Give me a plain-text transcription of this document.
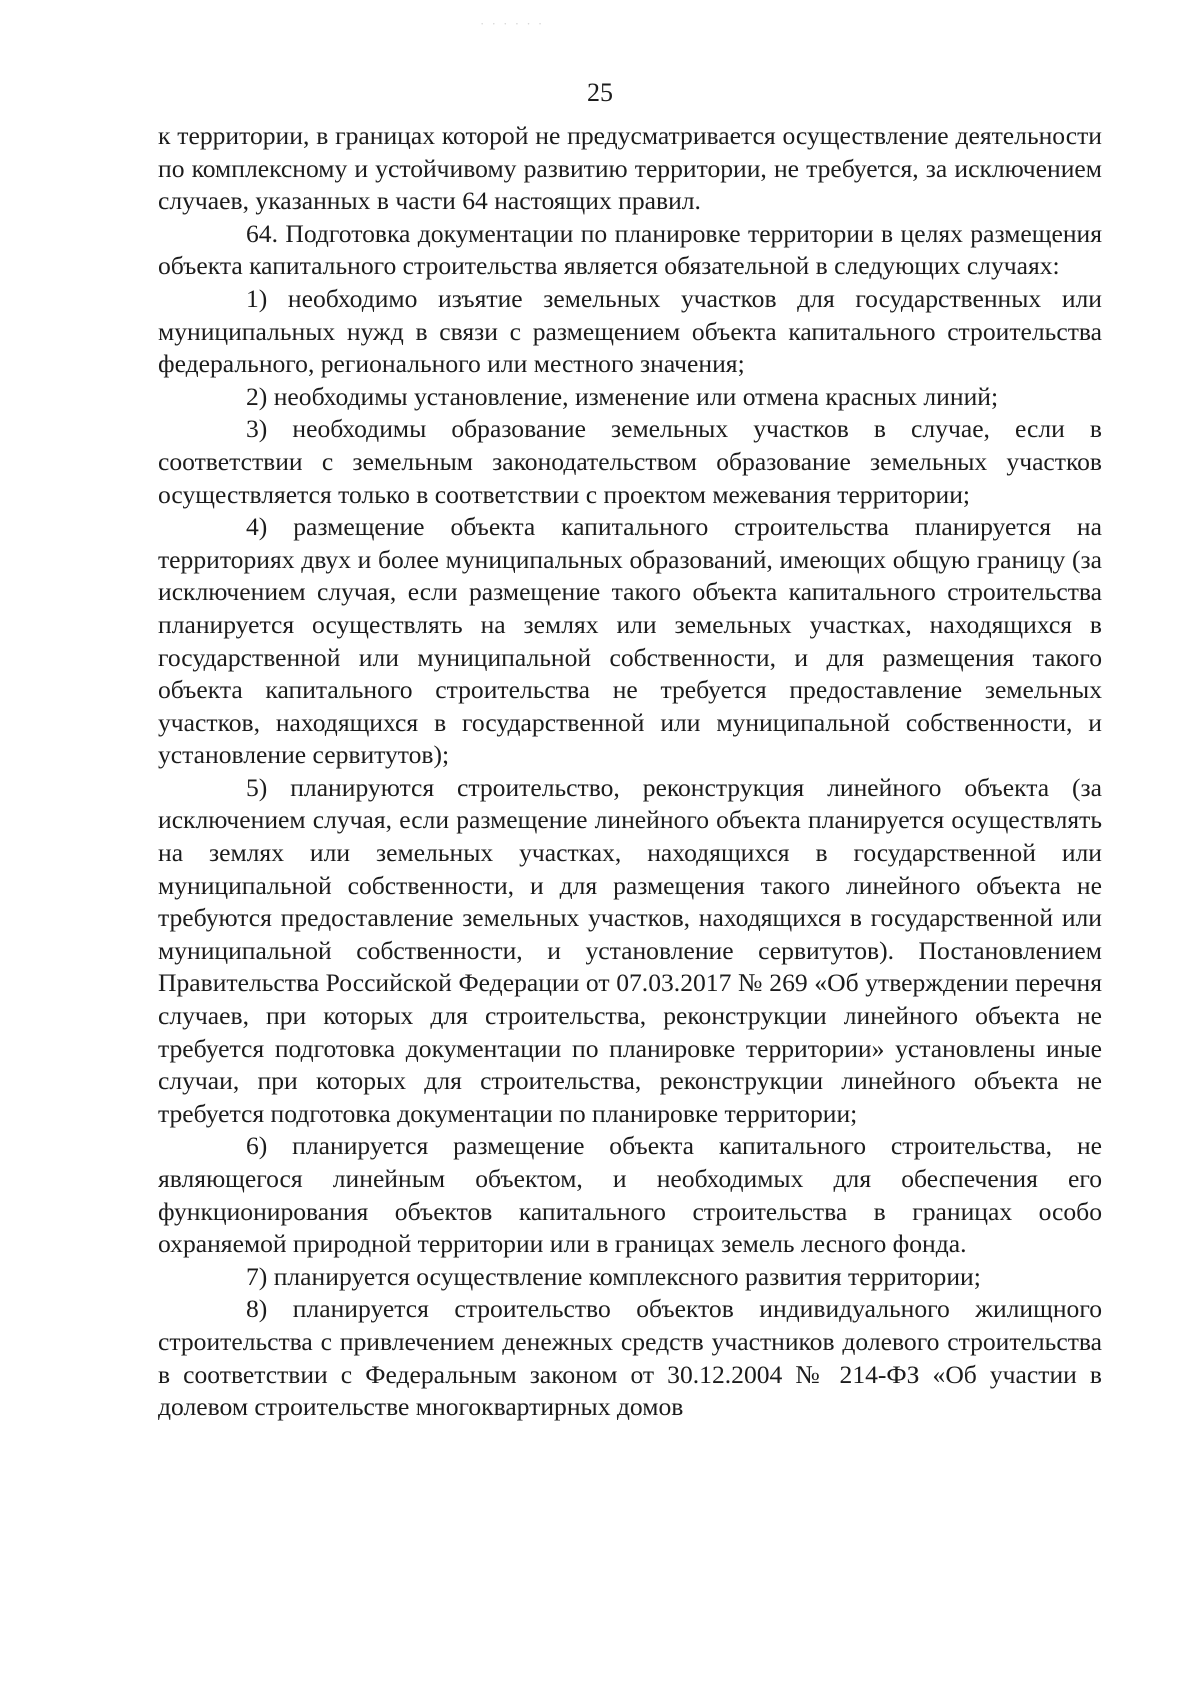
· · · · · ·
25

к территории, в границах которой не предусматривается осуществление деятельности по комплексному и устойчивому развитию территории, не требуется, за исключением случаев, указанных в части 64 настоящих правил.

64. Подготовка документации по планировке территории в целях размещения объекта капитального строительства является обязательной в следующих случаях:

1) необходимо изъятие земельных участков для государственных или муниципальных нужд в связи с размещением объекта капитального строительства федерального, регионального или местного значения;

2) необходимы установление, изменение или отмена красных линий;

3) необходимы образование земельных участков в случае, если в соответствии с земельным законодательством образование земельных участков осуществляется только в соответствии с проектом межевания территории;

4) размещение объекта капитального строительства планируется на территориях двух и более муниципальных образований, имеющих общую границу (за исключением случая, если размещение такого объекта капитального строительства планируется осуществлять на землях или земельных участках, находящихся в государственной или муниципальной собственности, и для размещения такого объекта капитального строительства не требуется предоставление земельных участков, находящихся в государственной или муниципальной собственности, и установление сервитутов);

5) планируются строительство, реконструкция линейного объекта (за исключением случая, если размещение линейного объекта планируется осуществлять на землях или земельных участках, находящихся в государственной или муниципальной собственности, и для размещения такого линейного объекта не требуются предоставление земельных участков, находящихся в государственной или муниципальной собственности, и установление сервитутов). Постановлением Правительства Российской Федерации от 07.03.2017 № 269 «Об утверждении перечня случаев, при которых для строительства, реконструкции линейного объекта не требуется подготовка документации по планировке территории» установлены иные случаи, при которых для строительства, реконструкции линейного объекта не требуется подготовка документации по планировке территории;

6) планируется размещение объекта капитального строительства, не являющегося линейным объектом, и необходимых для обеспечения его функционирования объектов капитального строительства в границах особо охраняемой природной территории или в границах земель лесного фонда.

7) планируется осуществление комплексного развития территории;

8) планируется строительство объектов индивидуального жилищного строительства с привлечением денежных средств участников долевого строительства в соответствии с Федеральным законом от 30.12.2004 № 214-ФЗ «Об участии в долевом строительстве многоквартирных домов
